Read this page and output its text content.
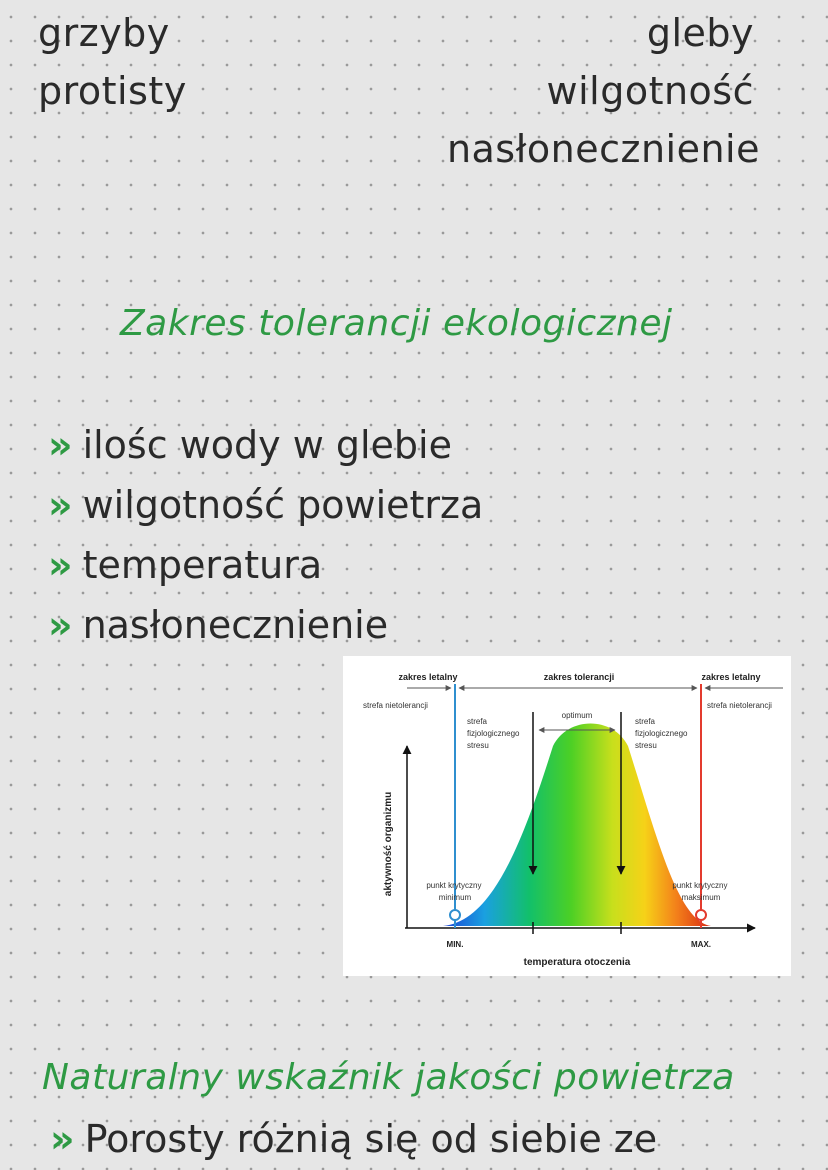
grzyby
protisty
gleby
wilgotność
nasłonecznienie
Zakres tolerancji ekologicznej
» ilośc wody w glebie
» wilgotność powietrza
» temperatura
» nasłonecznienie
zakres letalny	zakres tolerancji	zakres letalny
strefa nietolerancji	strefa nietolerancji
strefa fizjologicznego stresu
strefa fizjologicznego stresu
optimum
punkt krytyczny minimum
punkt krytyczny maksimum
MIN.	MAX.
temperatura otoczenia
aktywność organizmu
Naturalny wskaźnik jakości powietrza
» Porosty różnią się od siebie ze
